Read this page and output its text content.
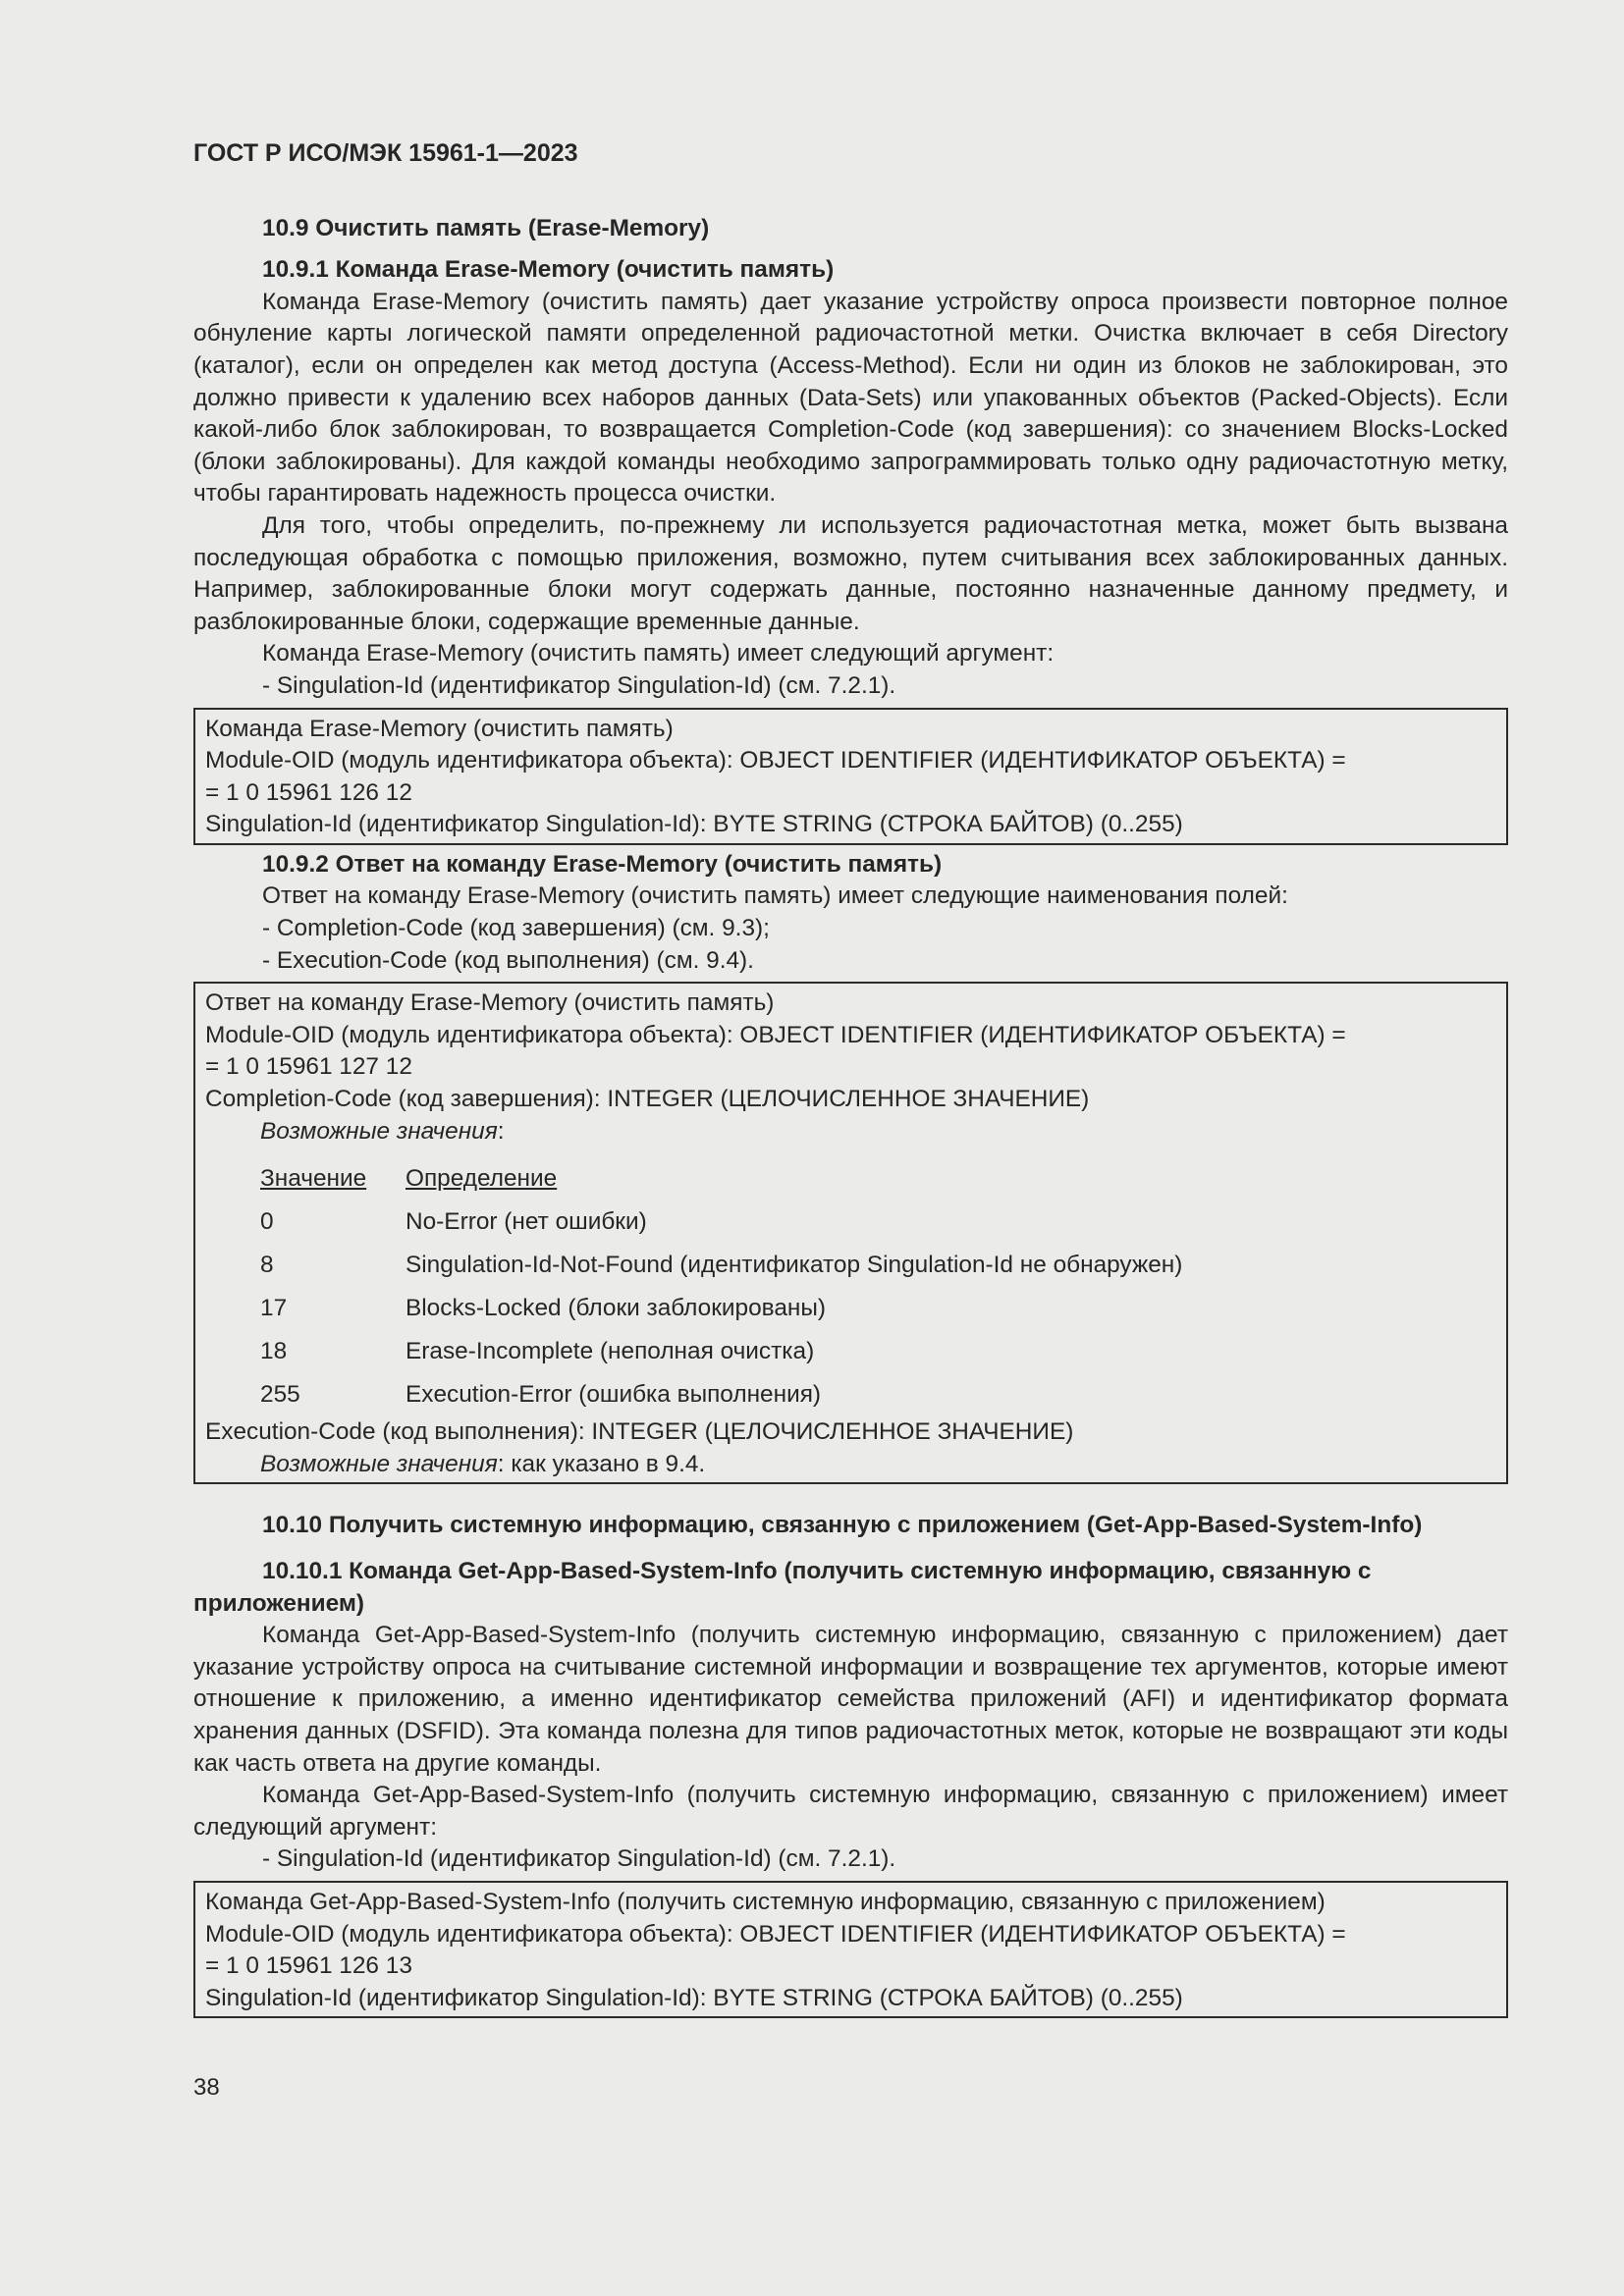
ГОСТ Р ИСО/МЭК 15961-1—2023
10.9 Очистить память (Erase-Memory)
10.9.1 Команда Erase-Memory (очистить память)

Команда Erase-Memory (очистить память) дает указание устройству опроса произвести повторное полное обнуление карты логической памяти определенной радиочастотной метки. Очистка включает в себя Directory (каталог), если он определен как метод доступа (Access-Method). Если ни один из блоков не заблокирован, это должно привести к удалению всех наборов данных (Data-Sets) или упакованных объектов (Packed-Objects). Если какой-либо блок заблокирован, то возвращается Completion-Code (код завершения): со значением Blocks-Locked (блоки заблокированы). Для каждой команды необходимо запрограммировать только одну радиочастотную метку, чтобы гарантировать надежность процесса очистки.

Для того, чтобы определить, по-прежнему ли используется радиочастотная метка, может быть вызвана последующая обработка с помощью приложения, возможно, путем считывания всех заблокированных данных. Например, заблокированные блоки могут содержать данные, постоянно назначенные данному предмету, и разблокированные блоки, содержащие временные данные.

Команда Erase-Memory (очистить память) имеет следующий аргумент:

- Singulation-Id (идентификатор Singulation-Id) (см. 7.2.1).
Команда Erase-Memory (очистить память)
Module-OID (модуль идентификатора объекта): OBJECT IDENTIFIER (ИДЕНТИФИКАТОР ОБЪЕКТА) =
= 1 0 15961 126 12
Singulation-Id (идентификатор Singulation-Id): BYTE STRING (СТРОКА БАЙТОВ) (0..255)
10.9.2 Ответ на команду Erase-Memory (очистить память)
Ответ на команду Erase-Memory (очистить память) имеет следующие наименования полей:
- Completion-Code (код завершения) (см. 9.3);
- Execution-Code (код выполнения) (см. 9.4).
Ответ на команду Erase-Memory (очистить память)
Module-OID (модуль идентификатора объекта): OBJECT IDENTIFIER (ИДЕНТИФИКАТОР ОБЪЕКТА) =
= 1 0 15961 127 12
Completion-Code (код завершения): INTEGER (ЦЕЛОЧИСЛЕННОЕ ЗНАЧЕНИЕ)
Возможные значения:
Значение	Определение
0	No-Error (нет ошибки)
8	Singulation-Id-Not-Found (идентификатор Singulation-Id не обнаружен)
17	Blocks-Locked (блоки заблокированы)
18	Erase-Incomplete (неполная очистка)
255	Execution-Error (ошибка выполнения)
Execution-Code (код выполнения): INTEGER (ЦЕЛОЧИСЛЕННОЕ ЗНАЧЕНИЕ)
Возможные значения: как указано в 9.4.
10.10 Получить системную информацию, связанную с приложением (Get-App-Based-System-Info)
10.10.1 Команда Get-App-Based-System-Info (получить системную информацию, связанную с приложением)

Команда Get-App-Based-System-Info (получить системную информацию, связанную с приложением) дает указание устройству опроса на считывание системной информации и возвращение тех аргументов, которые имеют отношение к приложению, а именно идентификатор семейства приложений (AFI) и идентификатор формата хранения данных (DSFID). Эта команда полезна для типов радиочастотных меток, которые не возвращают эти коды как часть ответа на другие команды.

Команда Get-App-Based-System-Info (получить системную информацию, связанную с приложением) имеет следующий аргумент:

- Singulation-Id (идентификатор Singulation-Id) (см. 7.2.1).
Команда Get-App-Based-System-Info (получить системную информацию, связанную с приложением)
Module-OID (модуль идентификатора объекта): OBJECT IDENTIFIER (ИДЕНТИФИКАТОР ОБЪЕКТА) =
= 1 0 15961 126 13
Singulation-Id (идентификатор Singulation-Id): BYTE STRING (СТРОКА БАЙТОВ) (0..255)
38
